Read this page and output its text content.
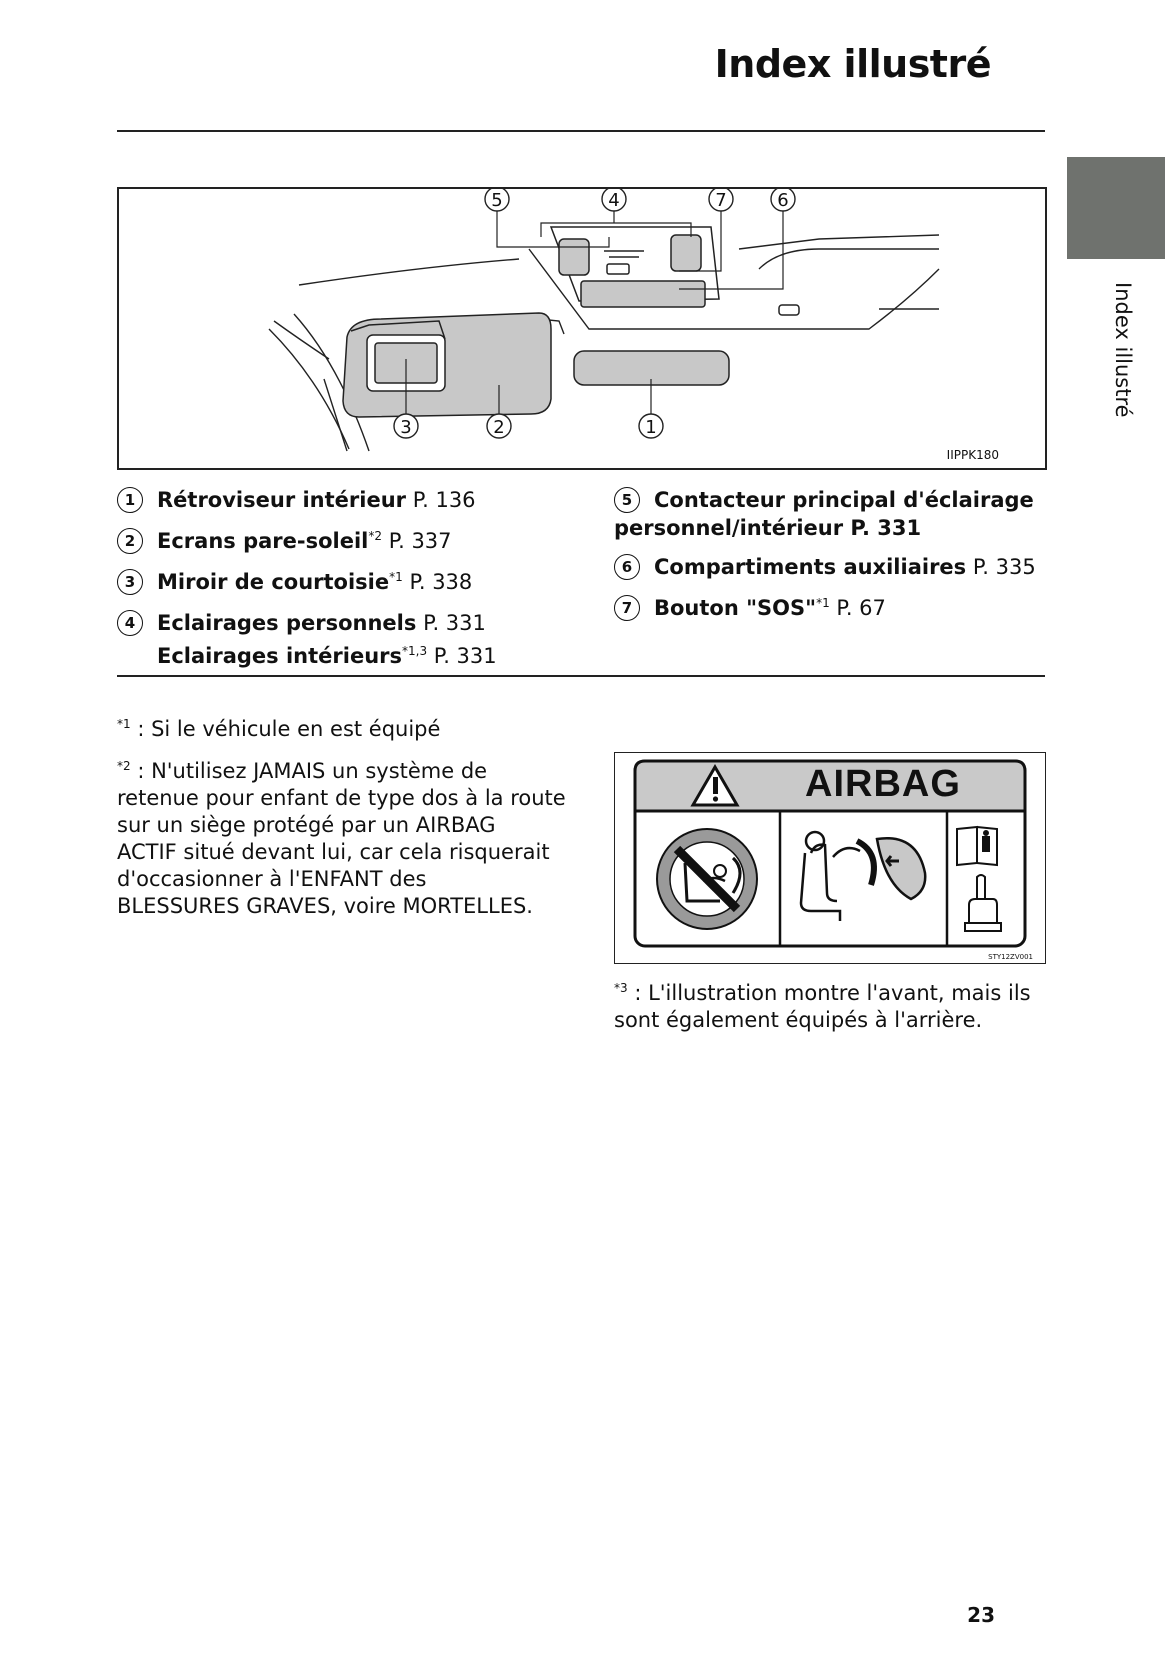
Index illustré
Index illustré
5	4	7	6
3	2	1
IIPPK180
1 Rétroviseur intérieur P. 136
2 Ecrans pare-soleil$^{*2}$ P. 337
3 Miroir de courtoisie$^{*1}$ P. 338
4 Eclairages personnels P. 331
Eclairages intérieurs$^{*1,3}$ P. 331
5 Contacteur principal d'éclairage
personnel/intérieur P. 331
6 Compartiments auxiliaires P. 335
7 Bouton "SOS"$^{*1}$ P. 67
$^{*1}$ : Si le véhicule en est équipé
$^{*2}$ : N'utilisez JAMAIS un système de
retenue pour enfant de type dos à la route
sur un siège protégé par un AIRBAG
ACTIF situé devant lui, car cela risquerait
d'occasionner à l'ENFANT des
BLESSURES GRAVES, voire MORTELLES.
AIRBAG
STY12ZV001
$^{*3}$ : L'illustration montre l'avant, mais ils
sont également équipés à l'arrière.
23
